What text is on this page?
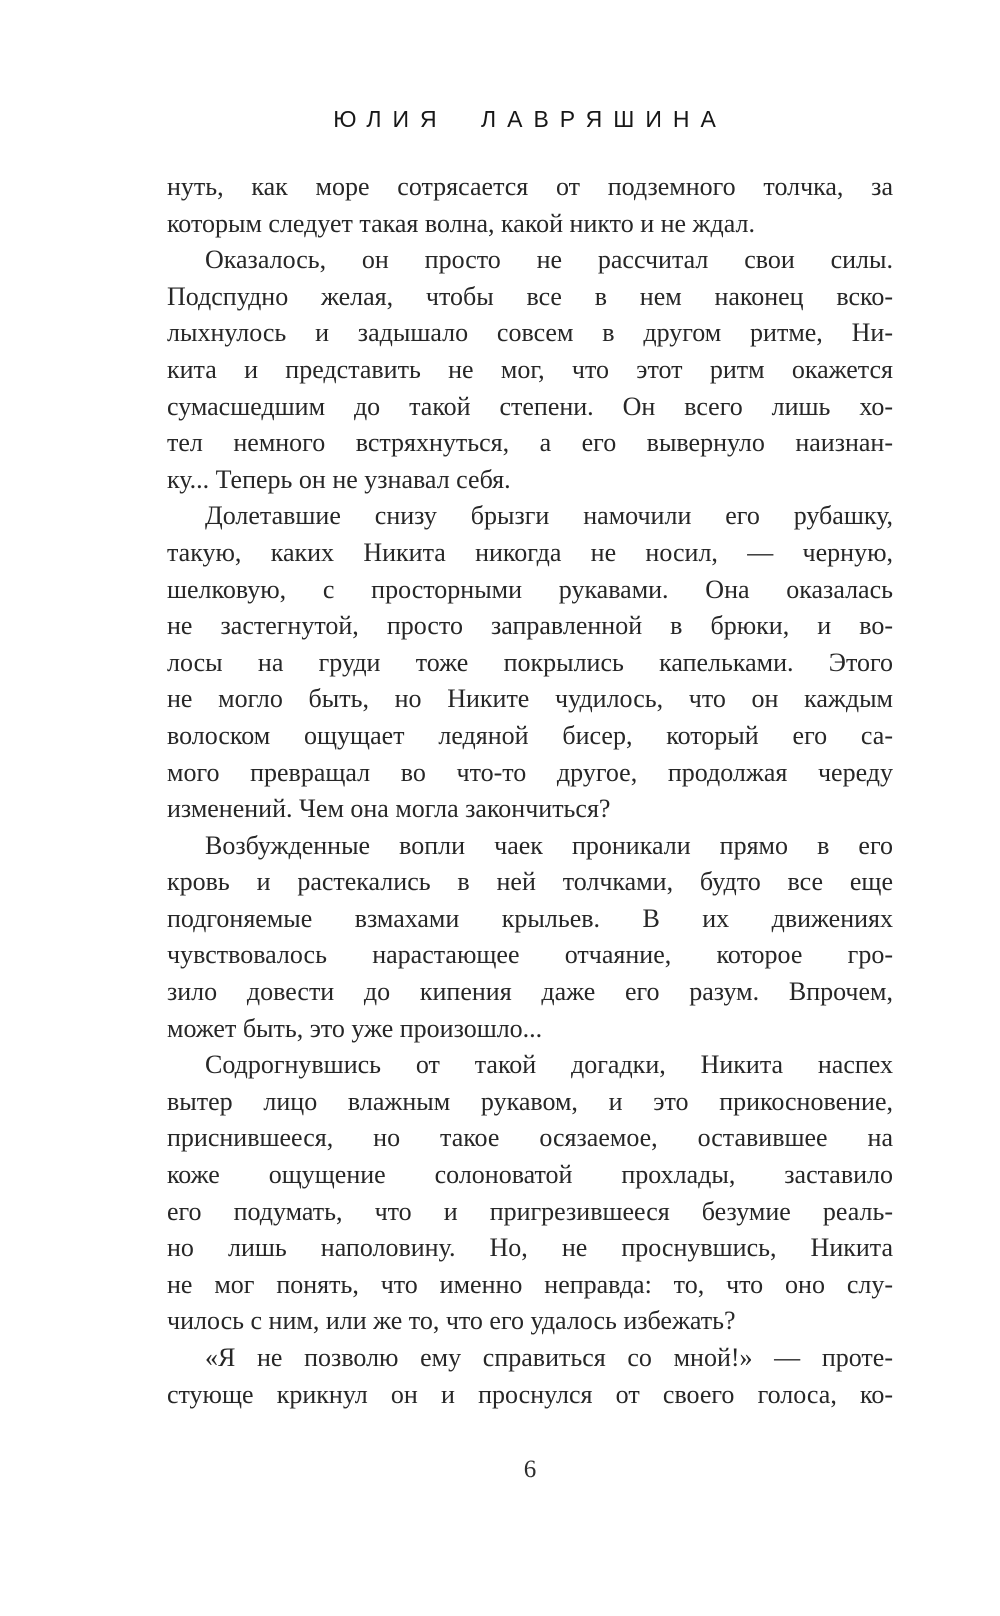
ЮЛИЯ ЛАВРЯШИНА
нуть, как море сотрясается от подземного толчка, за
которым следует такая волна, какой никто и не ждал.
Оказалось, он просто не рассчитал свои силы.
Подспудно желая, чтобы все в нем наконец вско-
лыхнулось и задышало совсем в другом ритме, Ни-
кита и представить не мог, что этот ритм окажется
сумасшедшим до такой степени. Он всего лишь хо-
тел немного встряхнуться, а его вывернуло наизнан-
ку... Теперь он не узнавал себя.
Долетавшие снизу брызги намочили его рубашку,
такую, каких Никита никогда не носил, — черную,
шелковую, с просторными рукавами. Она оказалась
не застегнутой, просто заправленной в брюки, и во-
лосы на груди тоже покрылись капельками. Этого
не могло быть, но Никите чудилось, что он каждым
волоском ощущает ледяной бисер, который его са-
мого превращал во что-то другое, продолжая череду
изменений. Чем она могла закончиться?
Возбужденные вопли чаек проникали прямо в его
кровь и растекались в ней толчками, будто все еще
подгоняемые взмахами крыльев. В их движениях
чувствовалось нарастающее отчаяние, которое гро-
зило довести до кипения даже его разум. Впрочем,
может быть, это уже произошло...
Содрогнувшись от такой догадки, Никита наспех
вытер лицо влажным рукавом, и это прикосновение,
приснившееся, но такое осязаемое, оставившее на
коже ощущение солоноватой прохлады, заставило
его подумать, что и пригрезившееся безумие реаль-
но лишь наполовину. Но, не проснувшись, Никита
не мог понять, что именно неправда: то, что оно слу-
чилось с ним, или же то, что его удалось избежать?
«Я не позволю ему справиться со мной!» — проте-
стующе крикнул он и проснулся от своего голоса, ко-
6
